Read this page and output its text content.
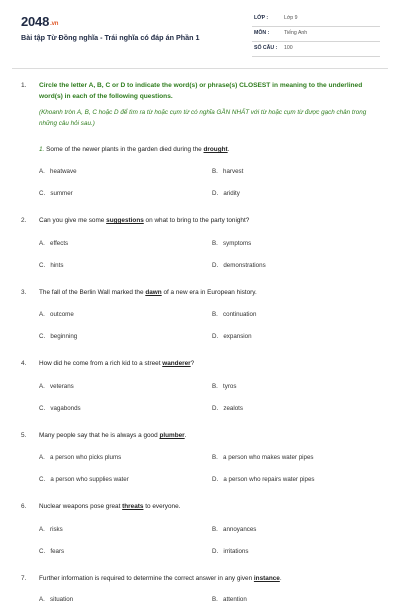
2048.vn
Bài tập Từ Đồng nghĩa - Trái nghĩa có đáp án Phần 1
LỚP :	Lớp 9
MÔN :	Tiếng Anh
SỐ CÂU : 100
1. Circle the letter A, B, C or D to indicate the word(s) or phrase(s) CLOSEST in meaning to the underlined word(s) in each of the following questions.
(Khoanh tròn A, B, C hoặc D để tìm ra từ hoặc cụm từ có nghĩa GẦN NHẤT với từ hoặc cụm từ được gạch chân trong những câu hỏi sau.)
1. Some of the newer plants in the garden died during the drought.
A. heatwave	B. harvest
C. summer	D. aridity
2. Can you give me some suggestions on what to bring to the party tonight?
A. effects	B. symptoms
C. hints	D. demonstrations
3. The fall of the Berlin Wall marked the dawn of a new era in European history.
A. outcome	B. continuation
C. beginning	D. expansion
4. How did he come from a rich kid to a street wanderer?
A. veterans	B. tyros
C. vagabonds	D. zealots
5. Many people say that he is always a good plumber.
A. a person who picks plums	B. a person who makes water pipes
C. a person who supplies water	D. a person who repairs water pipes
6. Nuclear weapons pose great threats to everyone.
A. risks	B. annoyances
C. fears	D. irritations
7. Further information is required to determine the correct answer in any given instance.
A. situation	B. attention
